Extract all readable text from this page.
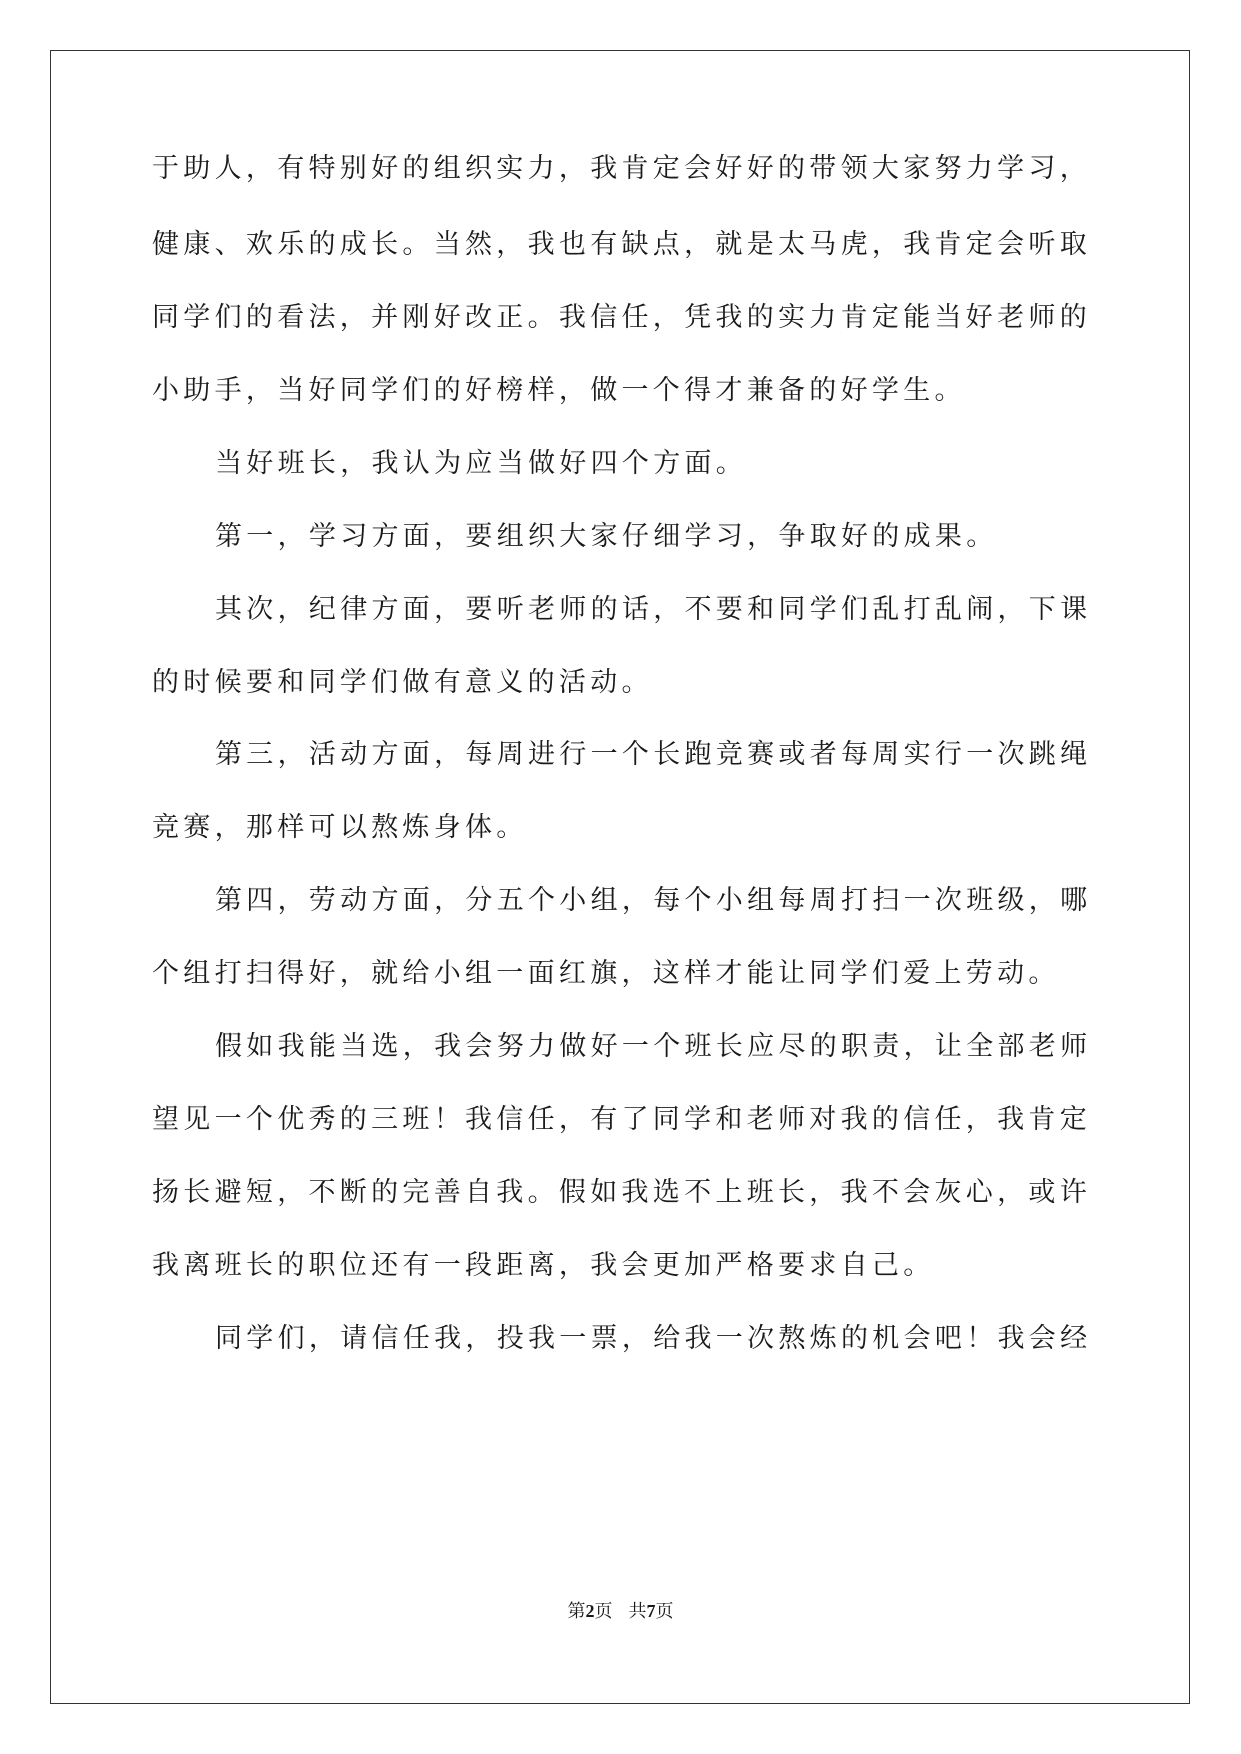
于助人，有特别好的组织实力，我肯定会好好的带领大家努力学习，
健康、欢乐的成长。当然，我也有缺点，就是太马虎，我肯定会听取
同学们的看法，并刚好改正。我信任，凭我的实力肯定能当好老师的
小助手，当好同学们的好榜样，做一个得才兼备的好学生。
当好班长，我认为应当做好四个方面。
第一，学习方面，要组织大家仔细学习，争取好的成果。
其次，纪律方面，要听老师的话，不要和同学们乱打乱闹，下课
的时候要和同学们做有意义的活动。
第三，活动方面，每周进行一个长跑竞赛或者每周实行一次跳绳
竞赛，那样可以熬炼身体。
第四，劳动方面，分五个小组，每个小组每周打扫一次班级，哪
个组打扫得好，就给小组一面红旗，这样才能让同学们爱上劳动。
假如我能当选，我会努力做好一个班长应尽的职责，让全部老师
望见一个优秀的三班！我信任，有了同学和老师对我的信任，我肯定
扬长避短，不断的完善自我。假如我选不上班长，我不会灰心，或许
我离班长的职位还有一段距离，我会更加严格要求自己。
同学们，请信任我，投我一票，给我一次熬炼的机会吧！我会经
第2页 共7页
